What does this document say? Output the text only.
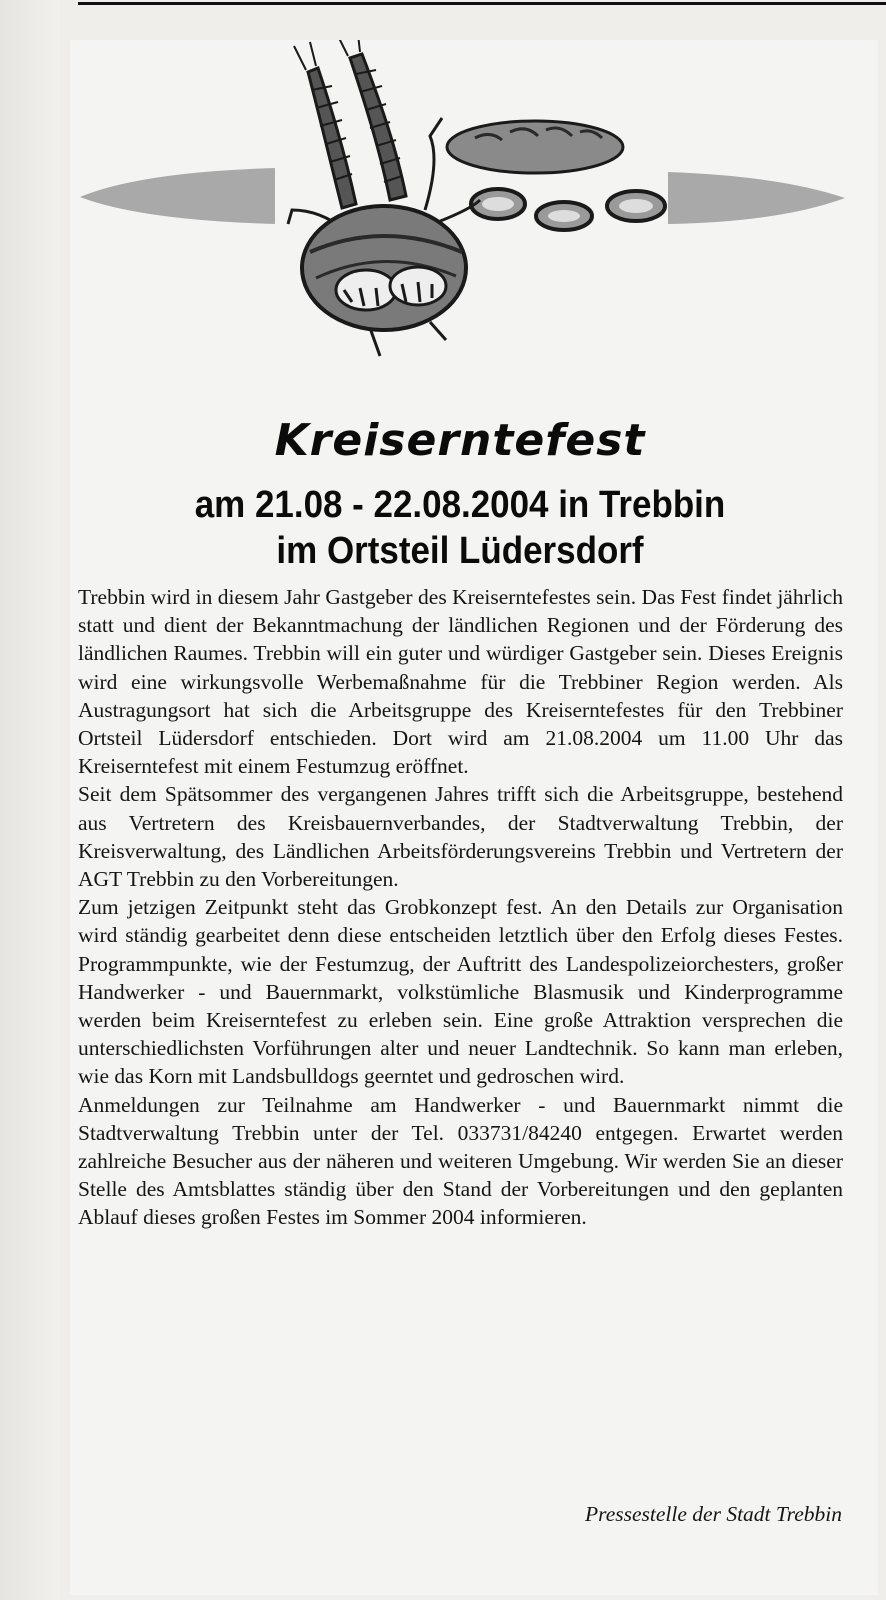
Kreiserntefest
am 21.08 - 22.08.2004 in Trebbin
im Ortsteil Lüdersdorf

Trebbin wird in diesem Jahr Gastgeber des Kreiserntefestes sein. Das Fest findet jährlich statt und dient der Bekanntmachung der ländlichen Regionen und der Förderung des ländlichen Raumes. Trebbin will ein guter und würdiger Gastgeber sein. Dieses Ereignis wird eine wirkungsvolle Werbemaßnahme für die Trebbiner Region werden. Als Austragungsort hat sich die Arbeitsgruppe des Kreiserntefestes für den Trebbiner Ortsteil Lüdersdorf entschieden. Dort wird am 21.08.2004 um 11.00 Uhr das Kreiserntefest mit einem Festumzug eröffnet.

Seit dem Spätsommer des vergangenen Jahres trifft sich die Arbeitsgruppe, bestehend aus Vertretern des Kreisbauernverbandes, der Stadtverwaltung Trebbin, der Kreisverwaltung, des Ländlichen Arbeitsförderungsvereins Trebbin und Vertretern der AGT Trebbin zu den Vorbereitungen.

Zum jetzigen Zeitpunkt steht das Grobkonzept fest. An den Details zur Organisation wird ständig gearbeitet denn diese entscheiden letztlich über den Erfolg dieses Festes. Programmpunkte, wie der Festumzug, der Auftritt des Landespolizeiorchesters, großer Handwerker - und Bauernmarkt, volkstümliche Blasmusik und Kinderprogramme werden beim Kreiserntefest zu erleben sein. Eine große Attraktion versprechen die unterschiedlichsten Vorführungen alter und neuer Landtechnik. So kann man erleben, wie das Korn mit Landsbulldogs geerntet und gedroschen wird.

Anmeldungen zur Teilnahme am Handwerker - und Bauernmarkt nimmt die Stadtverwaltung Trebbin unter der Tel. 033731/84240 entgegen. Erwartet werden zahlreiche Besucher aus der näheren und weiteren Umgebung. Wir werden Sie an dieser Stelle des Amtsblattes ständig über den Stand der Vorbereitungen und den geplanten Ablauf dieses großen Festes im Sommer 2004 informieren.

Pressestelle der Stadt Trebbin
